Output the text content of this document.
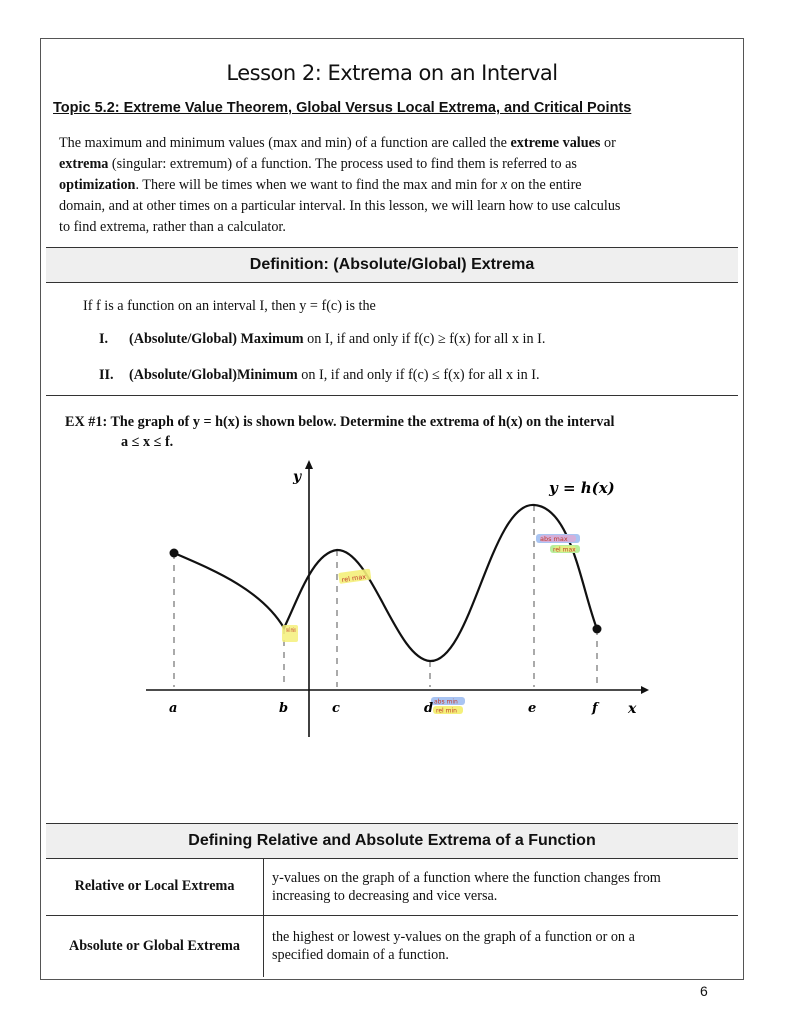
Lesson 2: Extrema on an Interval
Topic 5.2: Extreme Value Theorem, Global Versus Local Extrema, and Critical Points
The maximum and minimum values (max and min) of a function are called the extreme values or
extrema (singular: extremum) of a function. The process used to find them is referred to as
optimization. There will be times when we want to find the max and min for x on the entire
domain, and at other times on a particular interval. In this lesson, we will learn how to use calculus
to find extrema, rather than a calculator.
Definition: (Absolute/Global) Extrema
If f is a function on an interval I, then y = f(c) is the
I. (Absolute/Global) Maximum on I, if and only if f(c) ≥ f(x) for all x in I.
II. (Absolute/Global)Minimum on I, if and only if f(c) ≤ f(x) for all x in I.
EX #1: The graph of y = h(x) is shown below. Determine the extrema of h(x) on the interval
a ≤ x ≤ f.
rel min
rel max
abs min
rel min
abs max
rel max
y
x
y = h(x)
a	b	c	d	e	f
Defining Relative and Absolute Extrema of a Function
Relative or Local Extrema	y-values on the graph of a function where the function changes from
increasing to decreasing and vice versa.

Absolute or Global Extrema	the highest or lowest y-values on the graph of a function or on a
specified domain of a function.
6
